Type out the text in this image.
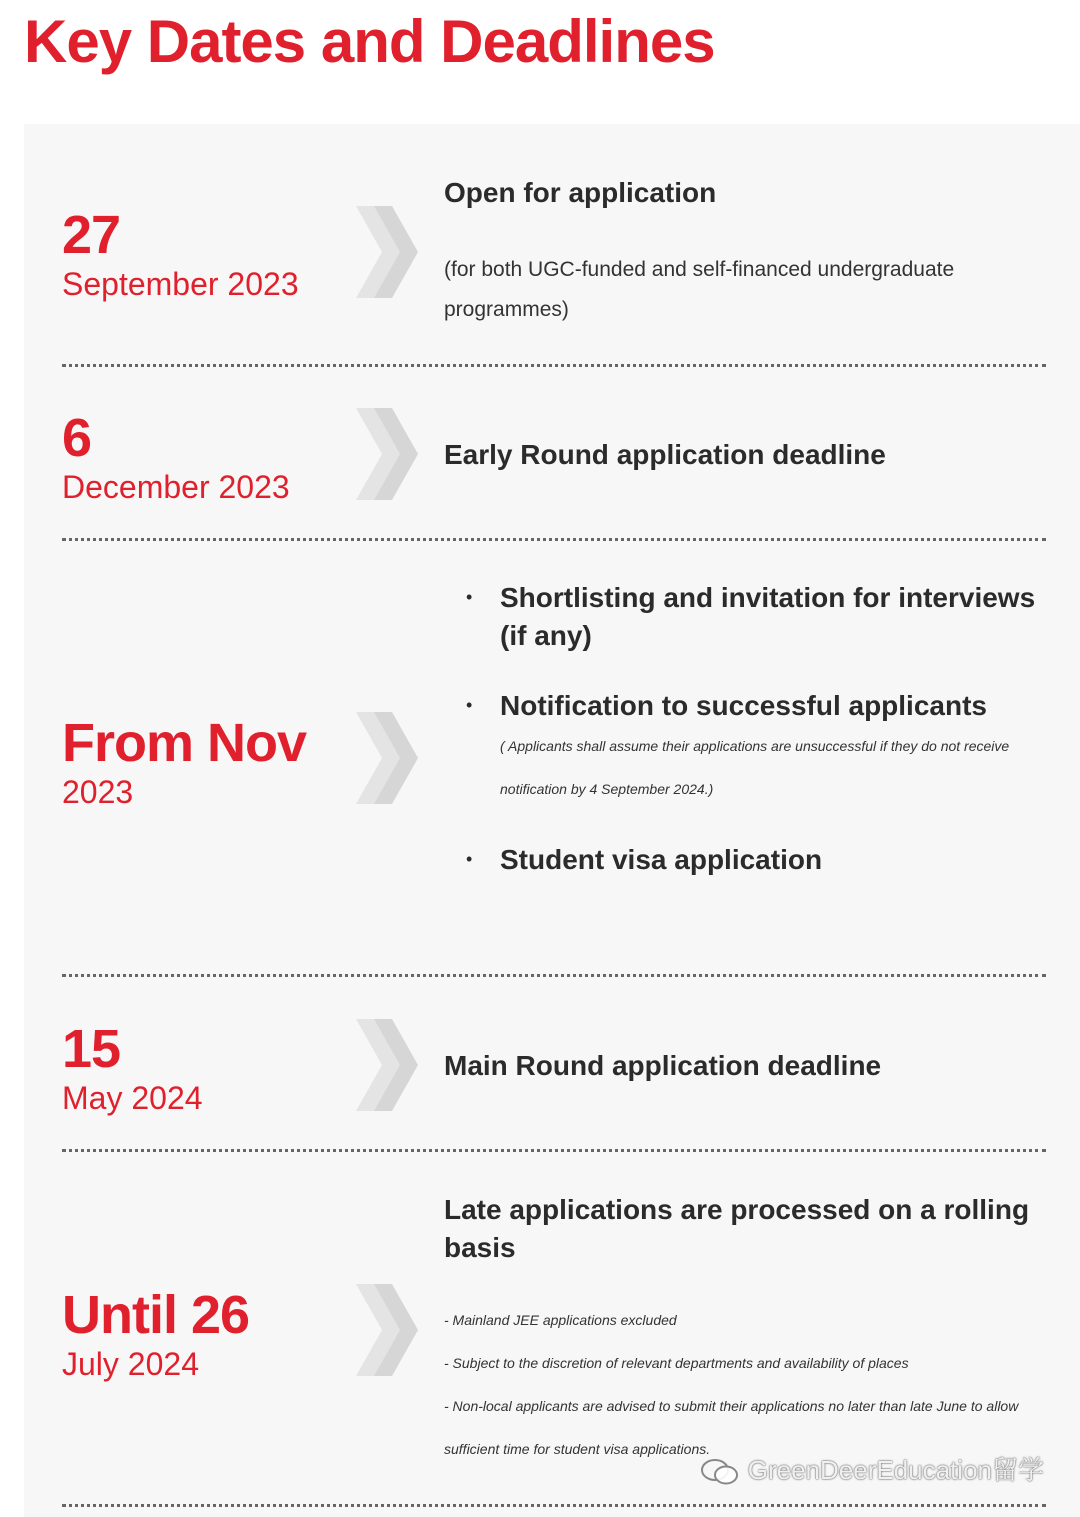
Key Dates and Deadlines
27
September 2023
Open for application
(for both UGC-funded and self-financed undergraduate programmes)
6
December 2023
Early Round application deadline
From Nov
2023
• Shortlisting and invitation for interviews (if any)
• Notification to successful applicants
( Applicants shall assume their applications are unsuccessful if they do not receive notification by 4 September 2024.)
• Student visa application
15
May 2024
Main Round application deadline
Until 26
July 2024
Late applications are processed on a rolling basis
- Mainland JEE applications excluded
- Subject to the discretion of relevant departments and availability of places
- Non-local applicants are advised to submit their applications no later than late June to allow sufficient time for student visa applications.
GreenDeerEducation留学
